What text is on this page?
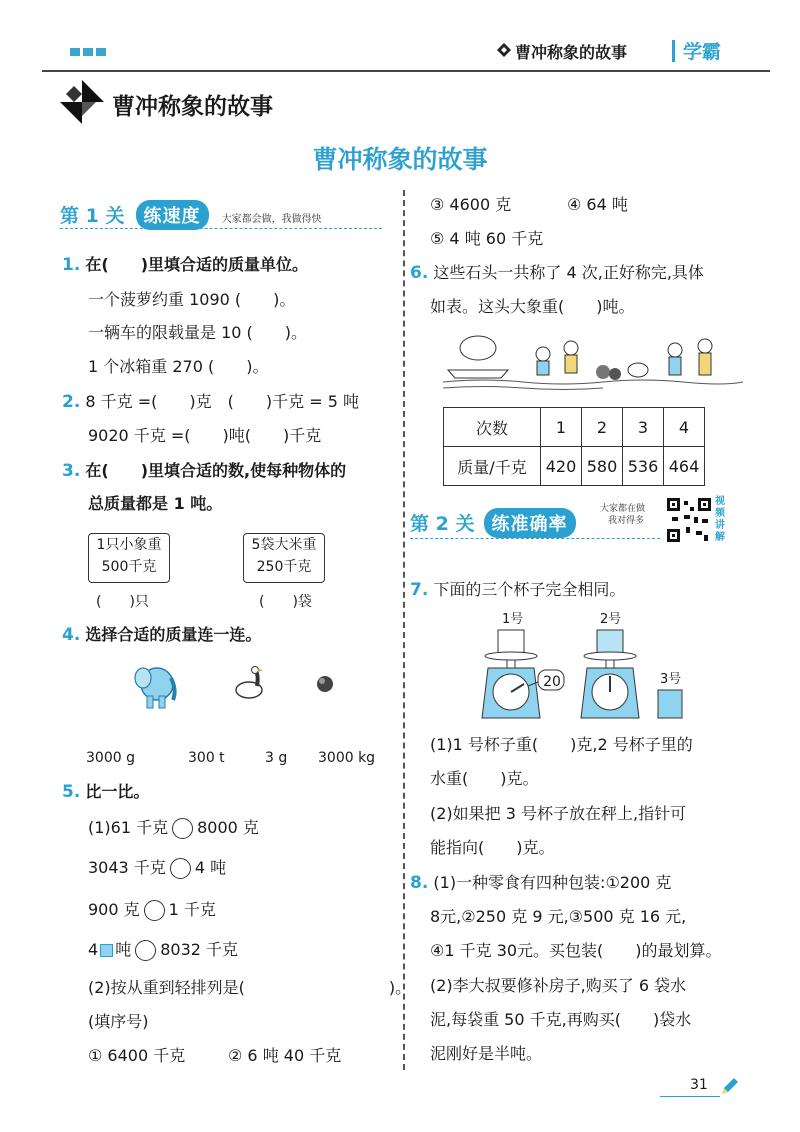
曹冲称象的故事	学霸
曹冲称象的故事
曹冲称象的故事
第 1 关 练速度 大家都会做，我做得快
1. 在(　　)里填合适的质量单位。
一个菠萝约重 1090 (　　)。
一辆车的限载量是 10 (　　)。
1 个冰箱重 270 (　　)。
2. 8 千克 =(　　)克　(　　)千克 = 5 吨
9020 千克 =(　　)吨(　　)千克
3. 在(　　)里填合适的数,使每种物体的
总质量都是 1 吨。
1只小象重
500千克
5袋大米重
250千克
(　　)只	(　　)袋
4. 选择合适的质量连一连。
3000 g	300 t	3 g 3000 kg
5. 比一比。
(1)61 千克 8000 克
3043 千克 4 吨
900 克 1 千克
4 吨 8032 千克
(2)按从重到轻排列是(　　　　　　　　　)。
(填序号)
① 6400 千克	② 6 吨 40 千克
③ 4600 克	④ 64 吨
⑤ 4 吨 60 千克
6. 这些石头一共称了 4 次,正好称完,具体
如表。这头大象重(　　)吨。
次数	1	2	3	4
质量/千克	420	580	536	464
第 2 关 练准确率
大家都在做
我对得多
视频讲解
7. 下面的三个杯子完全相同。
1号	2号
3号
20
(1)1 号杯子重(　　)克,2 号杯子里的
水重(　　)克。
(2)如果把 3 号杯子放在秤上,指针可
能指向(　　)克。
8. (1)一种零食有四种包装:①200 克
8元,②250 克 9 元,③500 克 16 元,
④1 千克 30元。买包装(　　)的最划算。
(2)李大叔要修补房子,购买了 6 袋水
泥,每袋重 50 千克,再购买(　　)袋水
泥刚好是半吨。
31
